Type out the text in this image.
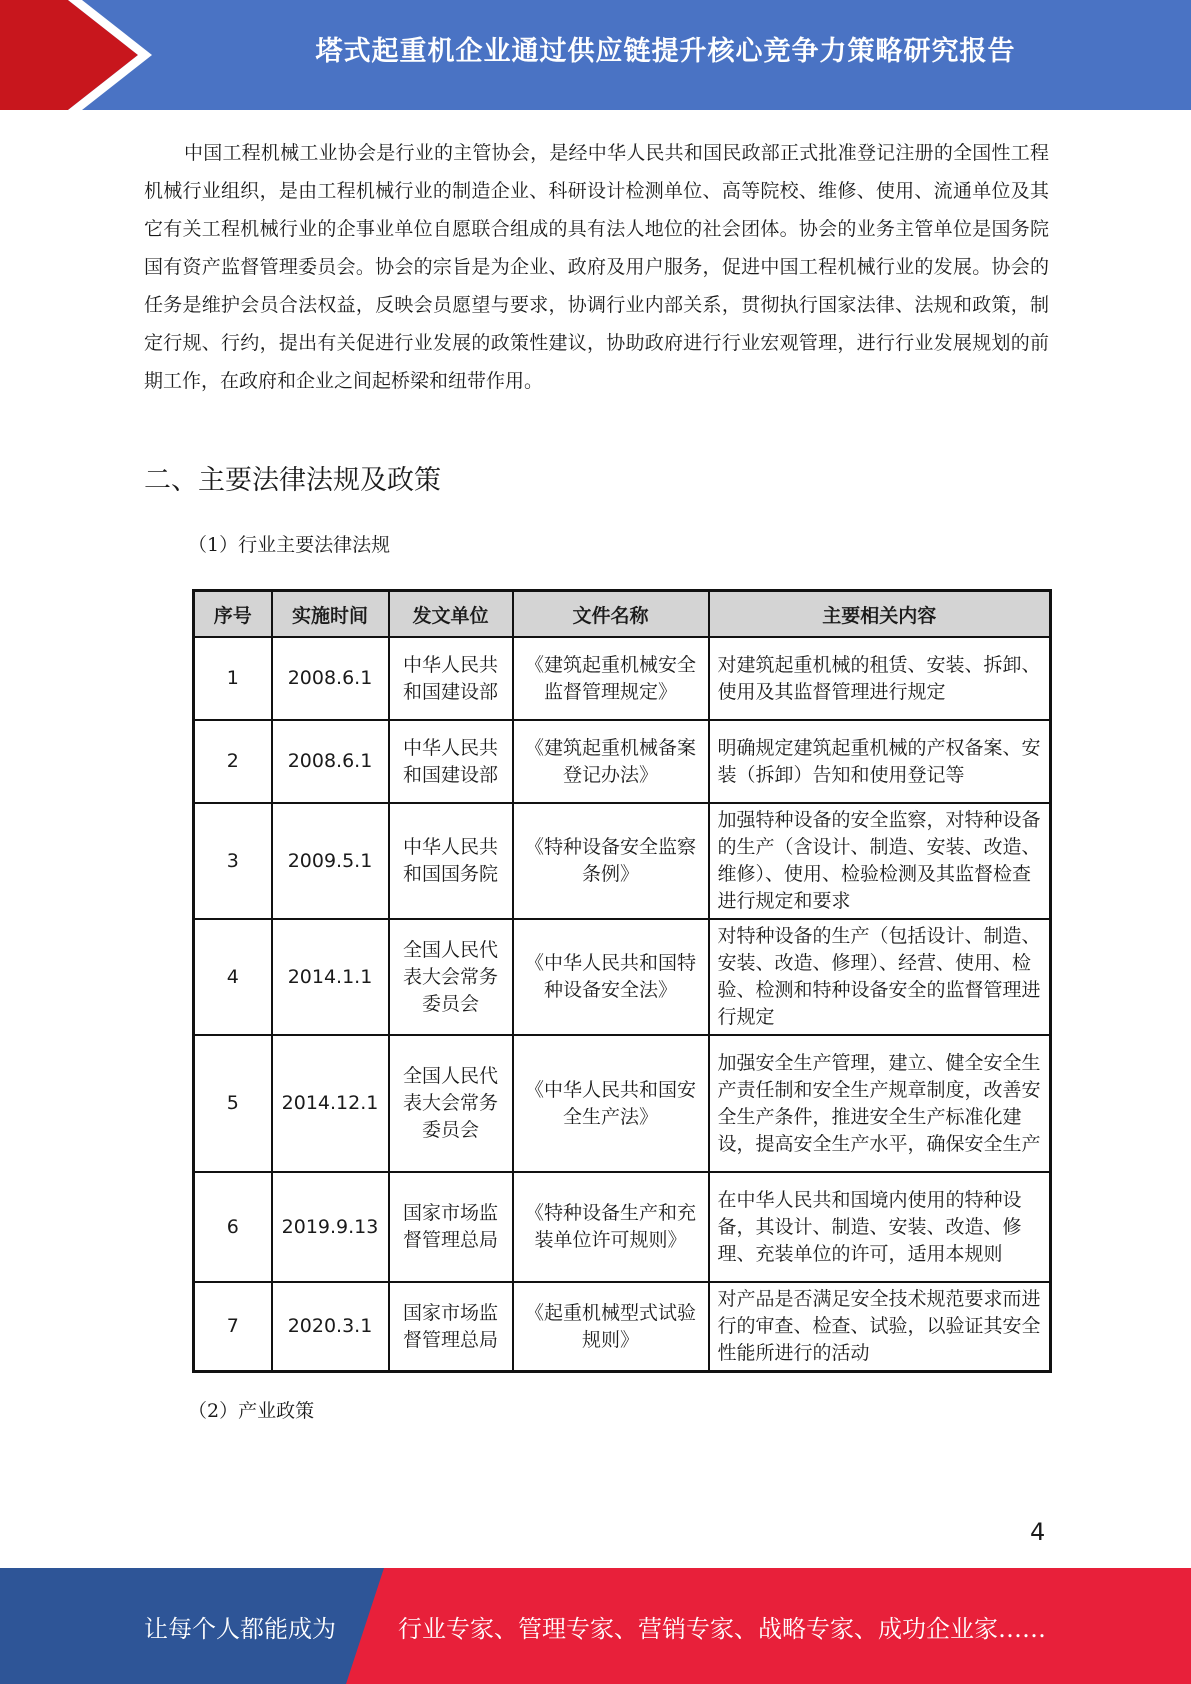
塔式起重机企业通过供应链提升核心竞争力策略研究报告

中国工程机械工业协会是行业的主管协会，是经中华人民共和国民政部正式批准登记注册的全国性工程机械行业组织，是由工程机械行业的制造企业、科研设计检测单位、高等院校、维修、使用、流通单位及其它有关工程机械行业的企事业单位自愿联合组成的具有法人地位的社会团体。协会的业务主管单位是国务院国有资产监督管理委员会。协会的宗旨是为企业、政府及用户服务，促进中国工程机械行业的发展。协会的任务是维护会员合法权益，反映会员愿望与要求，协调行业内部关系，贯彻执行国家法律、法规和政策，制定行规、行约，提出有关促进行业发展的政策性建议，协助政府进行行业宏观管理，进行行业发展规划的前期工作，在政府和企业之间起桥梁和纽带作用。

二、主要法律法规及政策

（1）行业主要法律法规

序号	实施时间	发文单位	文件名称	主要相关内容
1	2008.6.1	中华人民共和国建设部	《建筑起重机械安全监督管理规定》	对建筑起重机械的租赁、安装、拆卸、使用及其监督管理进行规定
2	2008.6.1	中华人民共和国建设部	《建筑起重机械备案登记办法》	明确规定建筑起重机械的产权备案、安装（拆卸）告知和使用登记等
3	2009.5.1	中华人民共和国国务院	《特种设备安全监察条例》	加强特种设备的安全监察，对特种设备的生产（含设计、制造、安装、改造、维修）、使用、检验检测及其监督检查进行规定和要求
4	2014.1.1	全国人民代表大会常务委员会	《中华人民共和国特种设备安全法》	对特种设备的生产（包括设计、制造、安装、改造、修理）、经营、使用、检验、检测和特种设备安全的监督管理进行规定
5	2014.12.1	全国人民代表大会常务委员会	《中华人民共和国安全生产法》	加强安全生产管理，建立、健全安全生产责任制和安全生产规章制度，改善安全生产条件，推进安全生产标准化建设，提高安全生产水平，确保安全生产
6	2019.9.13	国家市场监督管理总局	《特种设备生产和充装单位许可规则》	在中华人民共和国境内使用的特种设备，其设计、制造、安装、改造、修理、充装单位的许可，适用本规则
7	2020.3.1	国家市场监督管理总局	《起重机械型式试验规则》	对产品是否满足安全技术规范要求而进行的审查、检查、试验，以验证其安全性能所进行的活动

（2）产业政策

4
让每个人都能成为	行业专家、管理专家、营销专家、战略专家、成功企业家……
